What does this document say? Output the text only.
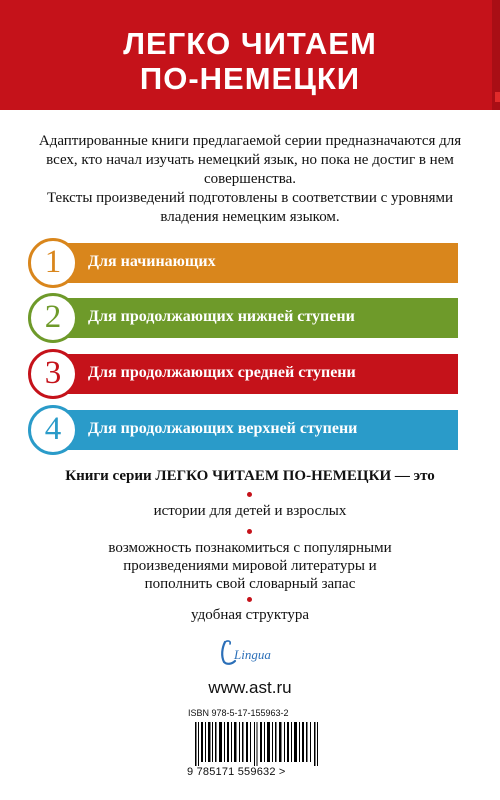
ЛЕГКО ЧИТАЕМ
ПО-НЕМЕЦКИ

Адаптированные книги предлагаемой серии предназначаются для всех, кто начал изучать немецкий язык, но пока не достиг в нем совершенства.

Тексты произведений подготовлены в соответствии с уровнями владения немецким языком.

1	Для начинающих
2	Для продолжающих нижней ступени
3	Для продолжающих средней ступени
4	Для продолжающих верхней ступени
Книги серии ЛЕГКО ЧИТАЕМ ПО-НЕМЕЦКИ — это
истории для детей и взрослых
возможность познакомиться с популярными произведениями мировой литературы и пополнить свой словарный запас
удобная структура
Lingua
www.ast.ru
ISBN 978-5-17-155963-2
9 785171 559632 >
